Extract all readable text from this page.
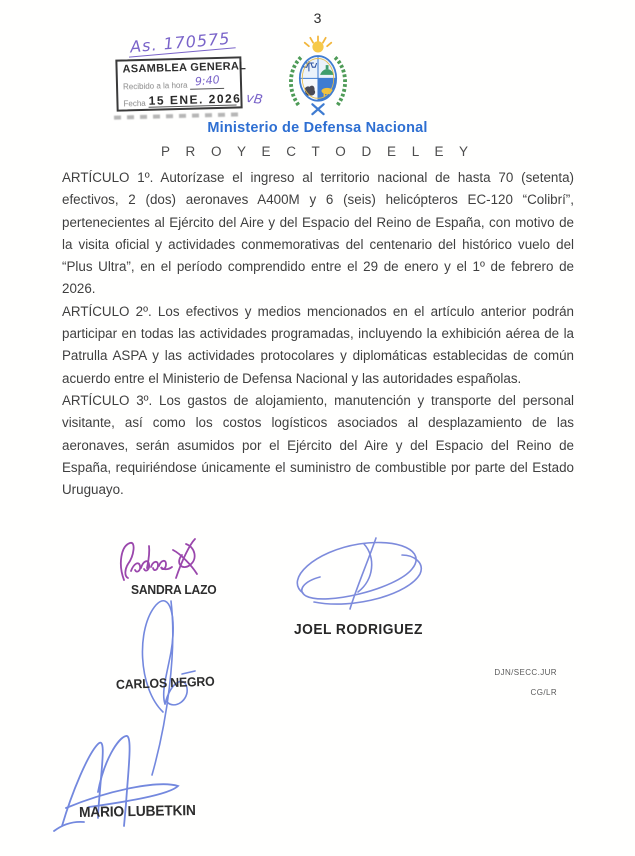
3
As. 170575
ASAMBLEA GENERAL
Recibido a la hora 9:40
Fecha 15 ENE. 2026 vB
Ministerio de Defensa Nacional
P R O Y E C T O D E L E Y

ARTÍCULO 1º. Autorízase el ingreso al territorio nacional de hasta 70 (setenta) efectivos, 2 (dos) aeronaves A400M y 6 (seis) helicópteros EC-120 “Colibrí”, pertenecientes al Ejército del Aire y del Espacio del Reino de España, con motivo de la visita oficial y actividades conmemorativas del centenario del histórico vuelo del “Plus Ultra”, en el período comprendido entre el 29 de enero y el 1º de febrero de 2026.

ARTÍCULO 2º. Los efectivos y medios mencionados en el artículo anterior podrán participar en todas las actividades programadas, incluyendo la exhibición aérea de la Patrulla ASPA y las actividades protocolares y diplomáticas establecidas de común acuerdo entre el Ministerio de Defensa Nacional y las autoridades españolas.

ARTÍCULO 3º. Los gastos de alojamiento, manutención y transporte del personal visitante, así como los costos logísticos asociados al desplazamiento de las aeronaves, serán asumidos por el Ejército del Aire y del Espacio del Reino de España, requiriéndose únicamente el suministro de combustible por parte del Estado Uruguayo.

SANDRA LAZO
JOEL RODRIGUEZ
CARLOS NEGRO
DJN/SECC.JUR
CG/LR
MARIO LUBETKIN
